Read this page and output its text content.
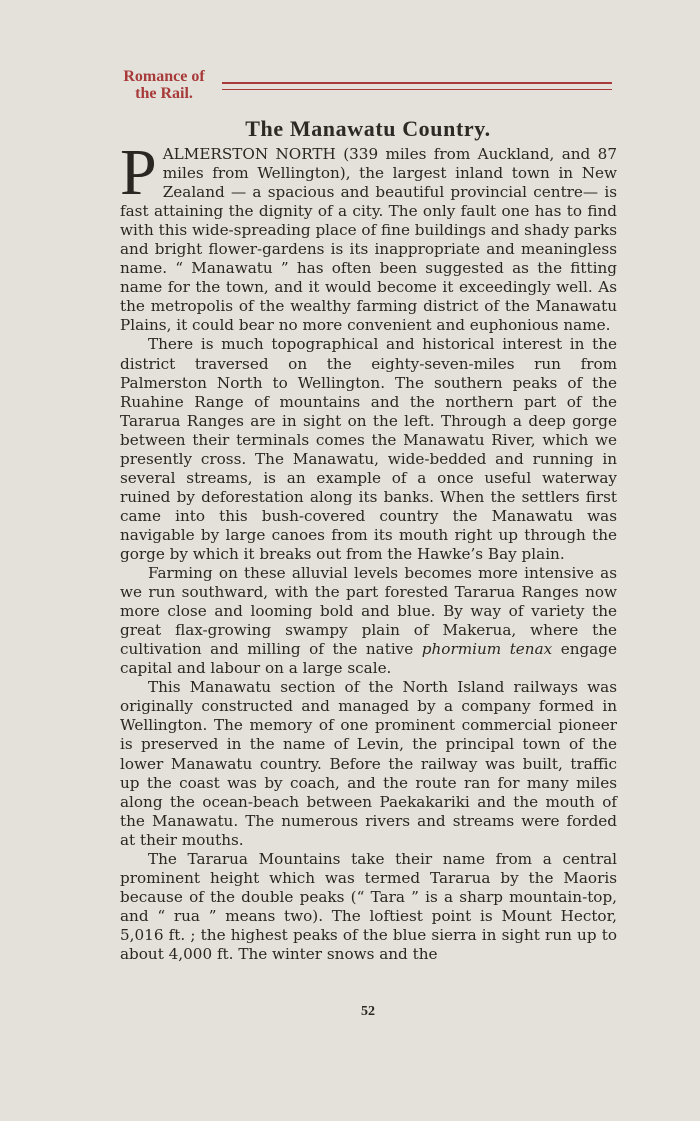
Romance of
the Rail.
The Manawatu Country.

PALMERSTON NORTH (339 miles from Auckland, and 87 miles from Wellington), the largest inland town in New Zealand — a spacious and beautiful provincial centre— is fast attaining the dignity of a city. The only fault one has to find with this wide-spreading place of fine buildings and shady parks and bright flower-gardens is its inappropriate and meaningless name. “ Manawatu ” has often been suggested as the fitting name for the town, and it would become it exceedingly well. As the metropolis of the wealthy farming district of the Manawatu Plains, it could bear no more convenient and euphonious name.

There is much topographical and historical interest in the district traversed on the eighty-seven-miles run from Palmerston North to Wellington. The southern peaks of the Ruahine Range of mountains and the northern part of the Tararua Ranges are in sight on the left. Through a deep gorge between their terminals comes the Manawatu River, which we presently cross. The Manawatu, wide-bedded and running in several streams, is an example of a once useful waterway ruined by deforestation along its banks. When the settlers first came into this bush-covered country the Manawatu was navigable by large canoes from its mouth right up through the gorge by which it breaks out from the Hawke’s Bay plain.

Farming on these alluvial levels becomes more intensive as we run southward, with the part forested Tararua Ranges now more close and looming bold and blue. By way of variety the great flax-growing swampy plain of Makerua, where the cultivation and milling of the native phormium tenax engage capital and labour on a large scale.

This Manawatu section of the North Island railways was originally constructed and managed by a company formed in Wellington. The memory of one prominent commercial pioneer is preserved in the name of Levin, the principal town of the lower Manawatu country. Before the railway was built, traffic up the coast was by coach, and the route ran for many miles along the ocean-beach between Paekakariki and the mouth of the Manawatu. The numerous rivers and streams were forded at their mouths.

The Tararua Mountains take their name from a central prominent height which was termed Tararua by the Maoris because of the double peaks (“ Tara ” is a sharp mountain-top, and “ rua ” means two). The loftiest point is Mount Hector, 5,016 ft. ; the highest peaks of the blue sierra in sight run up to about 4,000 ft. The winter snows and the

52
